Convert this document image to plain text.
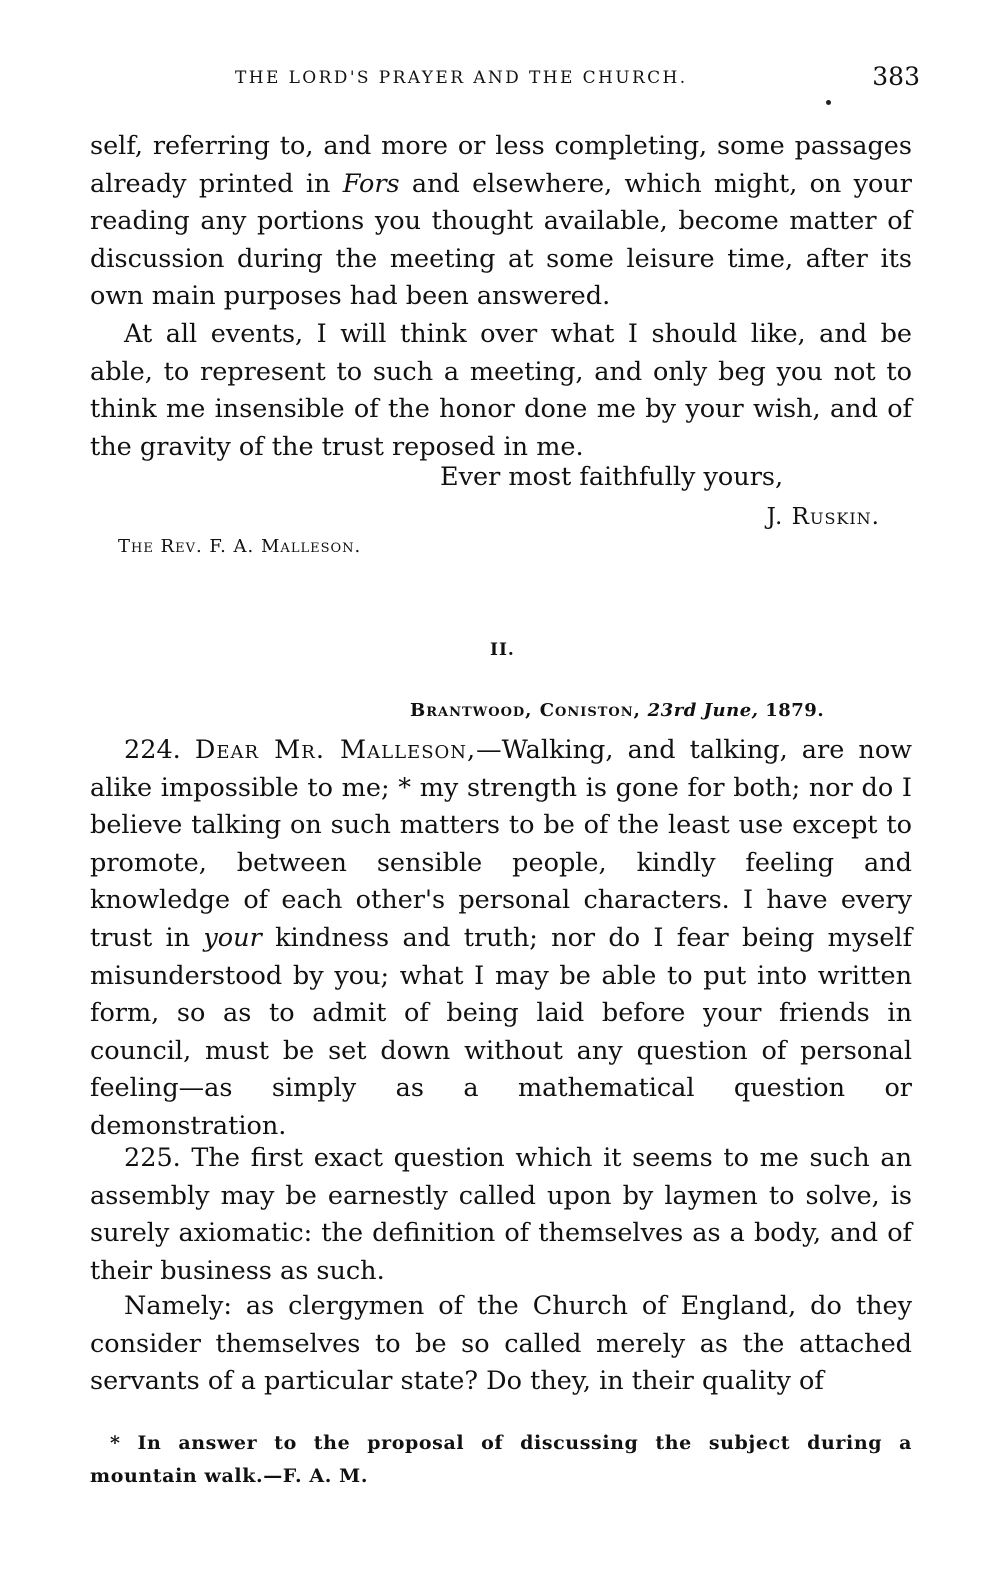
THE LORD'S PRAYER AND THE CHURCH.	383

self, referring to, and more or less completing, some passages already printed in Fors and elsewhere, which might, on your reading any portions you thought available, become matter of discussion during the meeting at some leisure time, after its own main purposes had been answered.

At all events, I will think over what I should like, and be able, to represent to such a meeting, and only beg you not to think me insensible of the honor done me by your wish, and of the gravity of the trust reposed in me.

Ever most faithfully yours,
J. Ruskin.
The Rev. F. A. Malleson.
II.
Brantwood, Coniston, 23rd June, 1879.

224. Dear Mr. Malleson,—Walking, and talking, are now alike impossible to me; * my strength is gone for both; nor do I believe talking on such matters to be of the least use except to promote, between sensible people, kindly feeling and knowledge of each other's personal characters. I have every trust in your kindness and truth; nor do I fear being myself misunderstood by you; what I may be able to put into written form, so as to admit of being laid before your friends in council, must be set down without any question of personal feeling—as simply as a mathematical question or demonstration.

225. The first exact question which it seems to me such an assembly may be earnestly called upon by laymen to solve, is surely axiomatic: the definition of themselves as a body, and of their business as such.

Namely: as clergymen of the Church of England, do they consider themselves to be so called merely as the attached servants of a particular state? Do they, in their quality of

* In answer to the proposal of discussing the subject during a mountain walk.—F. A. M.
